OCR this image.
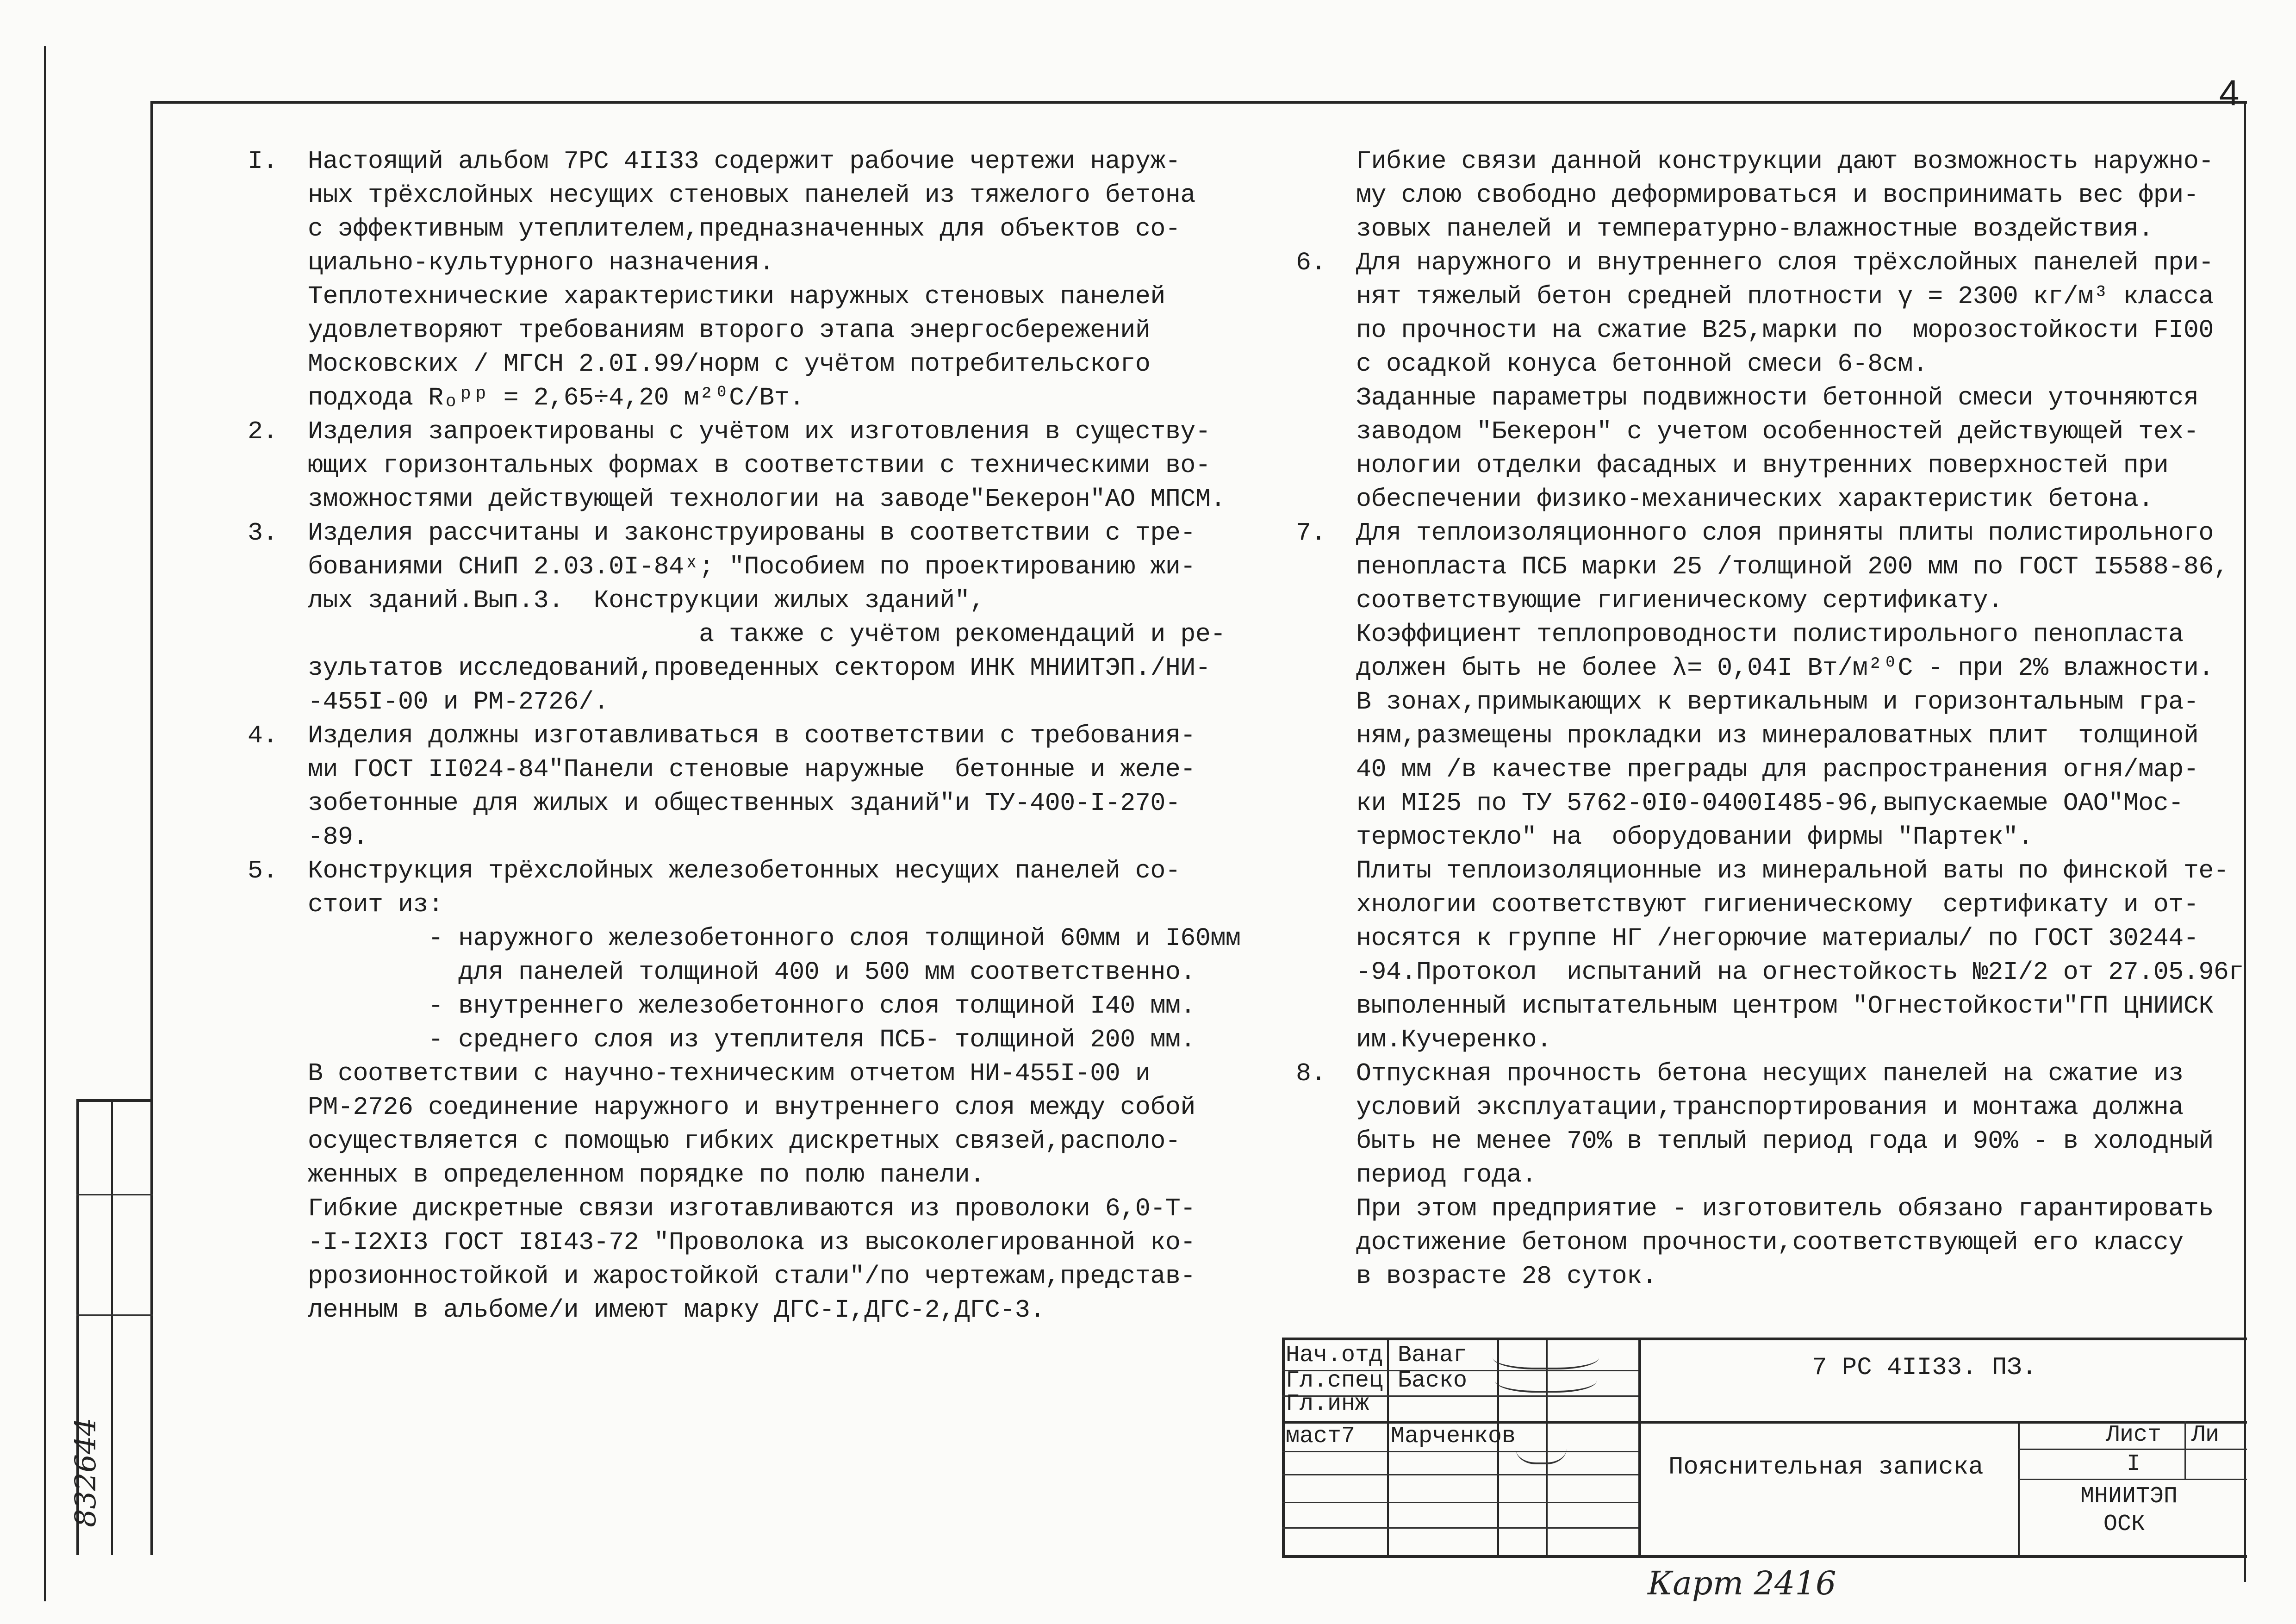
4
832644
I.  Настоящий альбом 7РС 4II33 содержит рабочие чертежи наруж-
ных трёхслойных несущих стеновых панелей из тяжелого бетона
с эффективным утеплителем,предназначенных для объектов со-
циально-культурного назначения.
Теплотехнические характеристики наружных стеновых панелей
удовлетворяют требованиям второго этапа энергосбережений
Московских / МГСН 2.0I.99/норм с учётом потребительского
подхода Rₒᵖᵖ = 2,65÷4,20 м²⁰С/Вт.
2.  Изделия запроектированы с учётом их изготовления в существу-
ющих горизонтальных формах в соответствии с техническими во-
зможностями действующей технологии на заводе"Бекерон"АО МПСМ.
3.  Изделия рассчитаны и законструированы в соответствии с тре-
бованиями СНиП 2.03.0I-84ˣ; "Пособием по проектированию жи-
лых зданий.Вып.3.  Конструкции жилых зданий",
а также с учётом рекомендаций и ре-
зультатов исследований,проведенных сектором ИНК МНИИТЭП./НИ-
-455I-00 и РМ-2726/.
4.  Изделия должны изготавливаться в соответствии с требования-
ми ГОСТ II024-84"Панели стеновые наружные  бетонные и желе-
зобетонные для жилых и общественных зданий"и ТУ-400-I-270-
-89.
5.  Конструкция трёхслойных железобетонных несущих панелей со-
стоит из:
- наружного железобетонного слоя толщиной 60мм и I60мм
для панелей толщиной 400 и 500 мм соответственно.
- внутреннего железобетонного слоя толщиной I40 мм.
- среднего слоя из утеплителя ПСБ- толщиной 200 мм.
В соответствии с научно-техническим отчетом НИ-455I-00 и
РМ-2726 соединение наружного и внутреннего слоя между собой
осуществляется с помощью гибких дискретных связей,располо-
женных в определенном порядке по полю панели.
Гибкие дискретные связи изготавливаются из проволоки 6,0-Т-
-I-I2XI3 ГОСТ I8I43-72 "Проволока из высоколегированной ко-
ррозионностойкой и жаростойкой стали"/по чертежам,представ-
ленным в альбоме/и имеют марку ДГС-I,ДГС-2,ДГС-3.
Гибкие связи данной конструкции дают возможность наружно-
му слою свободно деформироваться и воспринимать вес фри-
зовых панелей и температурно-влажностные воздействия.
6.  Для наружного и внутреннего слоя трёхслойных панелей при-
нят тяжелый бетон средней плотности γ = 2300 кг/м³ класса
по прочности на сжатие В25,марки по  морозостойкости FI00
с осадкой конуса бетонной смеси 6-8см.
Заданные параметры подвижности бетонной смеси уточняются
заводом "Бекерон" с учетом особенностей действующей тех-
нологии отделки фасадных и внутренних поверхностей при
обеспечении физико-механических характеристик бетона.
7.  Для теплоизоляционного слоя приняты плиты полистирольного
пенопласта ПСБ марки 25 /толщиной 200 мм по ГОСТ I5588-86,
соответствующие гигиеническому сертификату.
Коэффициент теплопроводности полистирольного пенопласта
должен быть не более λ= 0,04I Вт/м²⁰С - при 2% влажности.
В зонах,примыкающих к вертикальным и горизонтальным гра-
ням,размещены прокладки из минераловатных плит  толщиной
40 мм /в качестве преграды для распространения огня/мар-
ки МI25 по ТУ 5762-0I0-0400I485-96,выпускаемые ОАО"Мос-
термостекло" на  оборудовании фирмы "Партек".
Плиты теплоизоляционные из минеральной ваты по финской те-
хнологии соответствуют гигиеническому  сертификату и от-
носятся к группе НГ /негорючие материалы/ по ГОСТ 30244-
-94.Протокол  испытаний на огнестойкость №2I/2 от 27.05.96г
выполенный испытательным центром "Огнестойкости"ГП ЦНИИСК
им.Кучеренко.
8.  Отпускная прочность бетона несущих панелей на сжатие из
условий эксплуатации,транспортирования и монтажа должна
быть не менее 70% в теплый период года и 90% - в холодный
период года.
При этом предприятие - изготовитель обязано гарантировать
достижение бетоном прочности,соответствующей его классу
в возрасте 28 суток.
Нач.отд
Гл.спец
Гл.инж
маст7
Ванаг
Баско
Марченков
7 РС 4II33. ПЗ.
Пояснительная записка
Лист Ли
I
МНИИТЭП
ОСК
Карт 2416
